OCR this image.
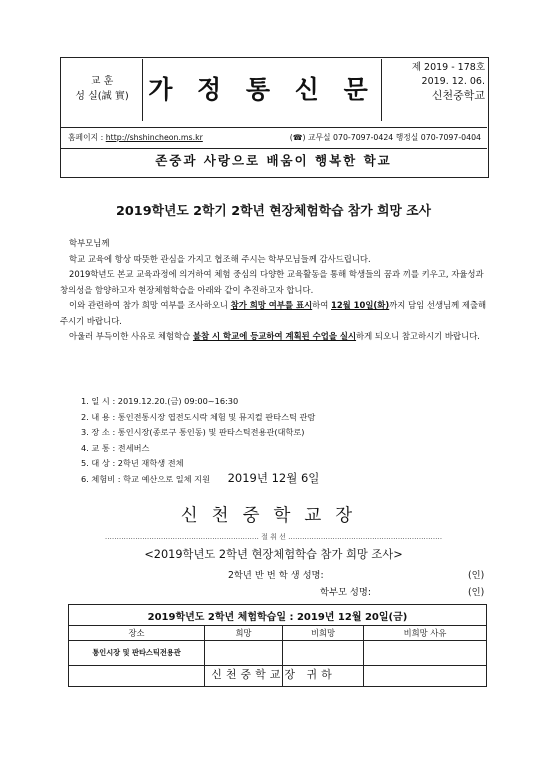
교 훈
성 실(誠 實) 가 정 통 신 문
제 2019 - 178호
2019. 12. 06.
신천중학교
홈페이지 : http://shshincheon.ms.kr	(☎) 교무실 070-7097-0424 행정실 070-7097-0404
존중과 사랑으로 배움이 행복한 학교
2019학년도 2학기 2학년 현장체험학습 참가 희망 조사

학부모님께

학교 교육에 항상 따뜻한 관심을 가지고 협조해 주시는 학부모님들께 감사드립니다.

2019학년도 본교 교육과정에 의거하여 체험 중심의 다양한 교육활동을 통해 학생들의 꿈과 끼를 키우고, 자율성과 창의성을 함양하고자 현장체험학습을 아래와 같이 추진하고자 합니다.

이와 관련하여 참가 희망 여부를 조사하오니 참가 희망 여부를 표시하여 12월 10일(화)까지 담임 선생님께 제출해 주시기 바랍니다.

아울러 부득이한 사유로 체험학습 불참 시 학교에 등교하여 계획된 수업을 실시하게 되오니 참고하시기 바랍니다.

1. 일 시 : 2019.12.20.(금) 09:00~16:30
2. 내 용 : 통인전통시장 엽전도시락 체험 및 뮤지컬 판타스틱 관람
3. 장 소 : 통인시장(종로구 통인동) 및 판타스틱전용관(대학로)
4. 교 통 : 전세버스
5. 대 상 : 2학년 재학생 전체
6. 체험비 : 학교 예산으로 일체 지원	2019년 12월 6일
신천중학교장
………………………………………………………… 절 취 선 …………………………………………………………
<2019학년도 2학년 현장체험학습 참가 희망 조사>
2학년 반 번 학 생 성명:	(인)
학부모 성명:	(인)
2019학년도 2학년 체험학습일 : 2019년 12월 20일(금)			
장소	희망	비희망	비희망 사유
통인시장 및 판타스틱전용관			

신천중학교장 귀하
